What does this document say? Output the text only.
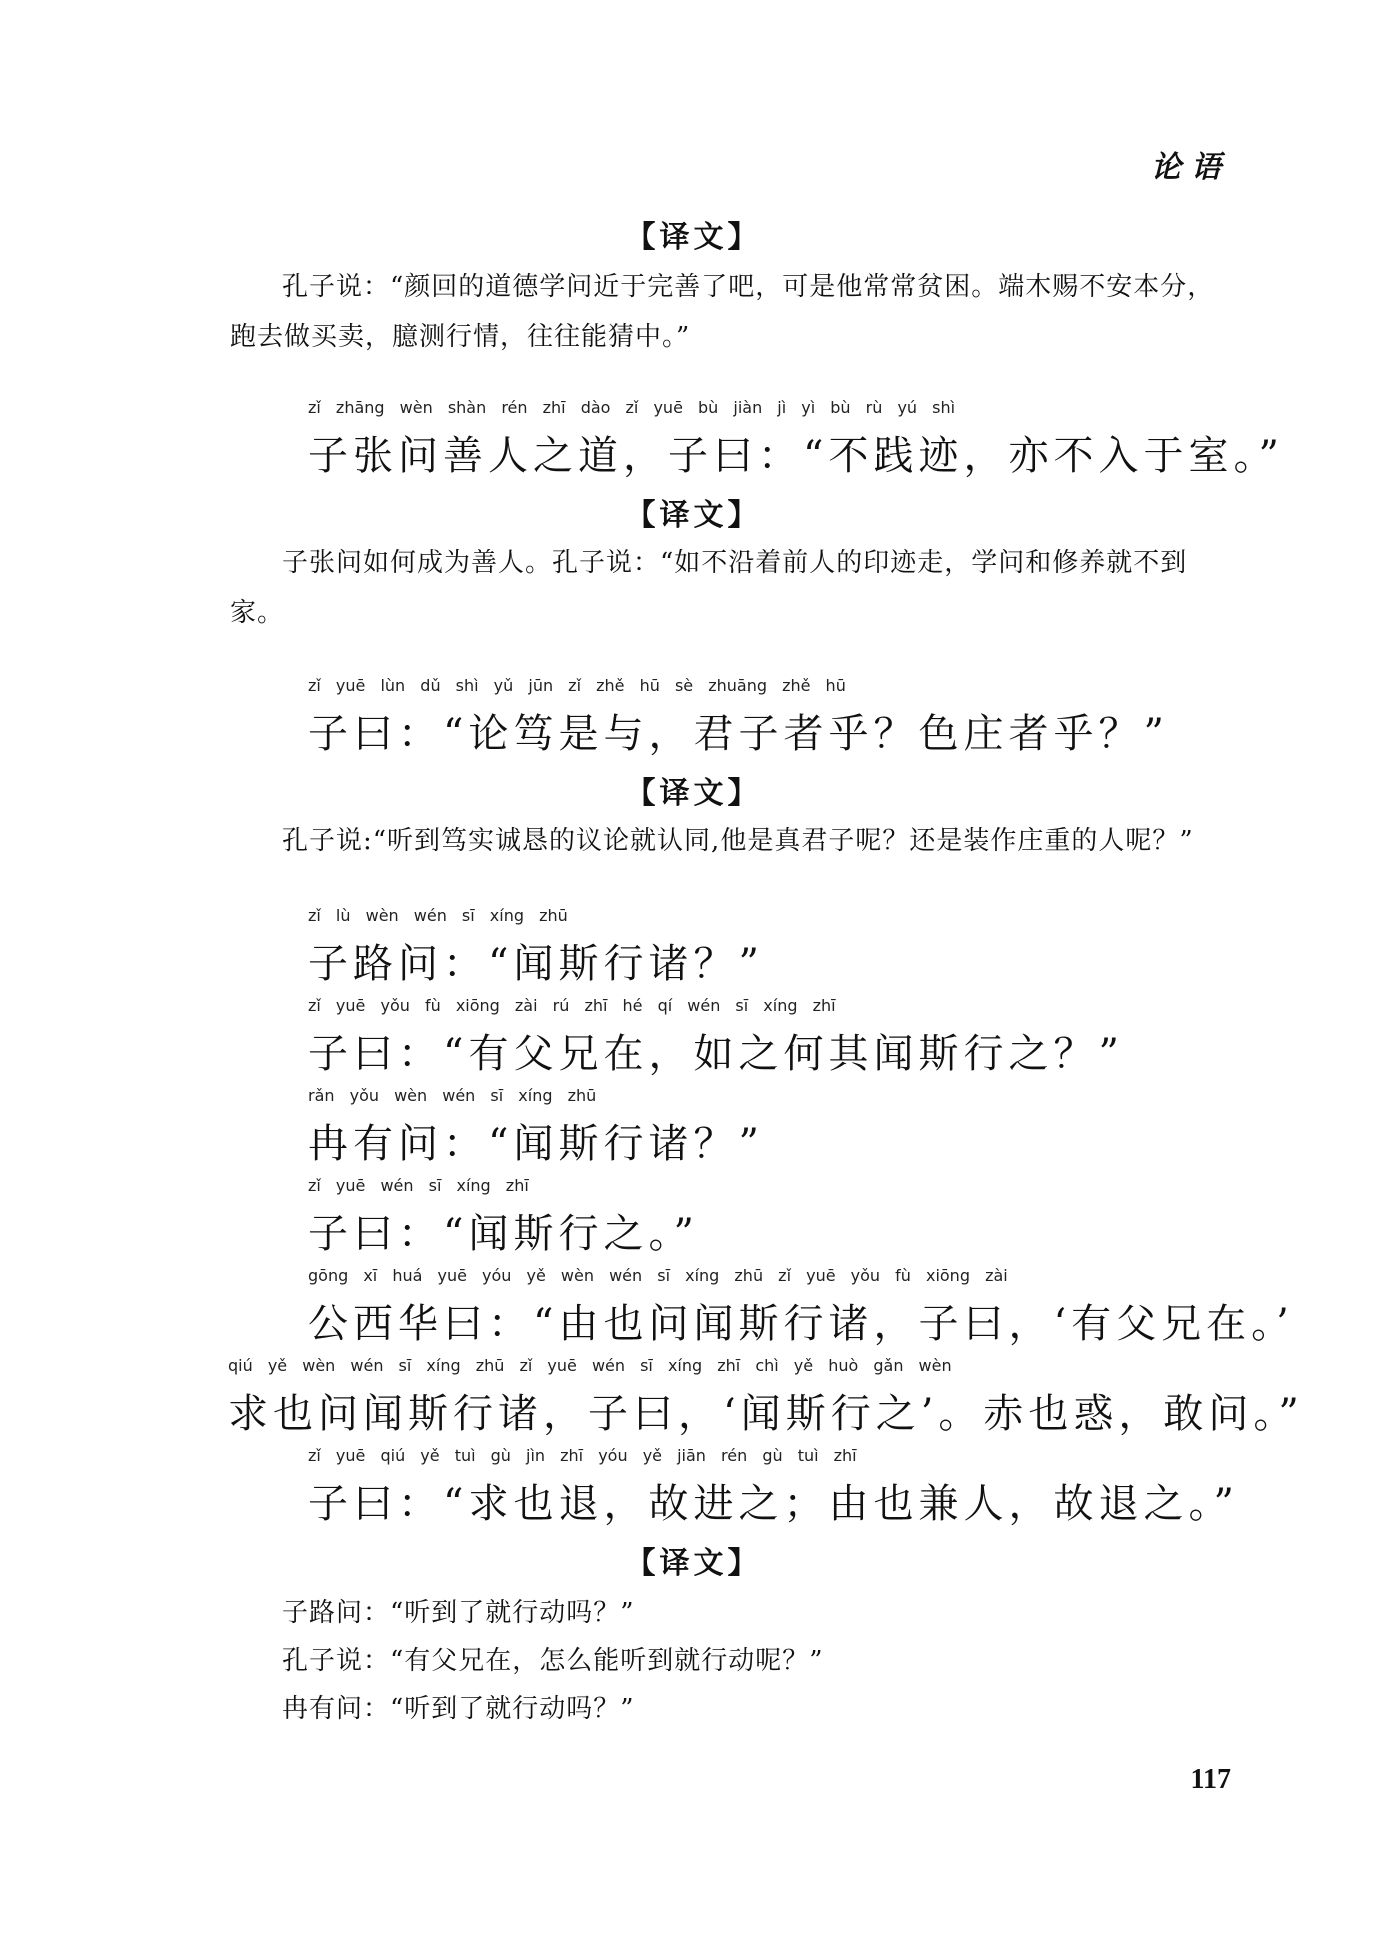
论语
【译文】
孔子说：“颜回的道德学问近于完善了吧，可是他常常贫困。端木赐不安本分，跑去做买卖，臆测行情，往往能猜中。”
zǐ zhāng wèn shàn rén zhī dào zǐ yuē bù jiàn jì yì bù rù yú shì
子张问善人之道，子曰：“不践迹，亦不入于室。”
【译文】
子张问如何成为善人。孔子说：“如不沿着前人的印迹走，学问和修养就不到家。
zǐ yuē lùn dǔ shì yǔ jūn zǐ zhě hū sè zhuāng zhě hū
子曰：“论笃是与，君子者乎？色庄者乎？”
【译文】
孔子说:“听到笃实诚恳的议论就认同,他是真君子呢？还是装作庄重的人呢？”
zǐ lù wèn wén sī xíng zhū
子路问：“闻斯行诸？”
zǐ yuē yǒu fù xiōng zài rú zhī hé qí wén sī xíng zhī
子曰：“有父兄在，如之何其闻斯行之？”
rǎn yǒu wèn wén sī xíng zhū
冉有问：“闻斯行诸？”
zǐ yuē wén sī xíng zhī
子曰：“闻斯行之。”
gōng xī huá yuē yóu yě wèn wén sī xíng zhū zǐ yuē yǒu fù xiōng zài
公西华曰：“由也问闻斯行诸，子曰，‘有父兄在。’
qiú yě wèn wén sī xíng zhū zǐ yuē wén sī xíng zhī chì yě huò gǎn wèn
求也问闻斯行诸，子曰，‘闻斯行之’。赤也惑，敢问。”
zǐ yuē qiú yě tuì gù jìn zhī yóu yě jiān rén gù tuì zhī
子曰：“求也退，故进之；由也兼人，故退之。”
【译文】
子路问：“听到了就行动吗？”
孔子说：“有父兄在，怎么能听到就行动呢？”
冉有问：“听到了就行动吗？”
117
